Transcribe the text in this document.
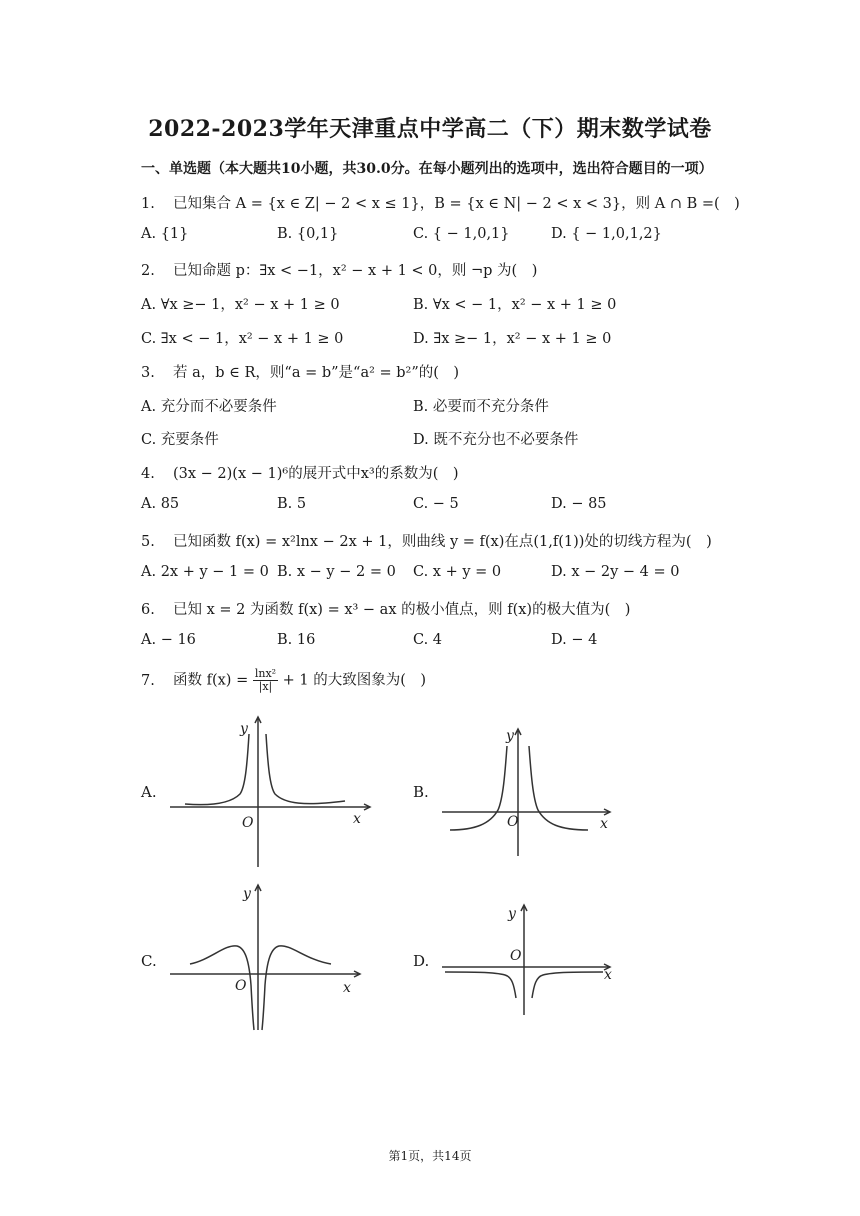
2022-2023学年天津重点中学高二（下）期末数学试卷
一、单选题（本大题共10小题，共30.0分。在每小题列出的选项中，选出符合题目的一项）
1. 已知集合 A = {x ∈ Z| − 2 < x ≤ 1}，B = {x ∈ N| − 2 < x < 3}，则 A ∩ B =(　)
A. {1}	B. {0,1}	C. { − 1,0,1}	D. { − 1,0,1,2}
2. 已知命题 p：∃x < −1，x² − x + 1 < 0，则 ¬p 为(　)
A. ∀x ≥− 1，x² − x + 1 ≥ 0	B. ∀x < − 1，x² − x + 1 ≥ 0
C. ∃x < − 1，x² − x + 1 ≥ 0	D. ∃x ≥− 1，x² − x + 1 ≥ 0
3. 若 a，b ∈ R，则“a = b”是“a² = b²”的(　)
A. 充分而不必要条件	B. 必要而不充分条件
C. 充要条件	D. 既不充分也不必要条件
4. (3x − 2)(x − 1)⁶的展开式中x³的系数为(　)
A. 85	B. 5	C. − 5	D. − 85
5. 已知函数 f(x) = x²lnx − 2x + 1，则曲线 y = f(x)在点(1,f(1))处的切线方程为(　)
A. 2x + y − 1 = 0 B. x − y − 2 = 0 C. x + y = 0	D. x − 2y − 4 = 0
6. 已知 x = 2 为函数 f(x) = x³ − ax 的极小值点，则 f(x)的极大值为(　)
A. − 16	B. 16	C. 4	D. − 4
7. 函数 $f(x) = \frac{\text{lnx²}}{|x|} + 1$ 的大致图象为(　)
A.	B.
C.	D.
y
O	x
y
O	x
y
O	x
y
O
x
第1页，共14页
